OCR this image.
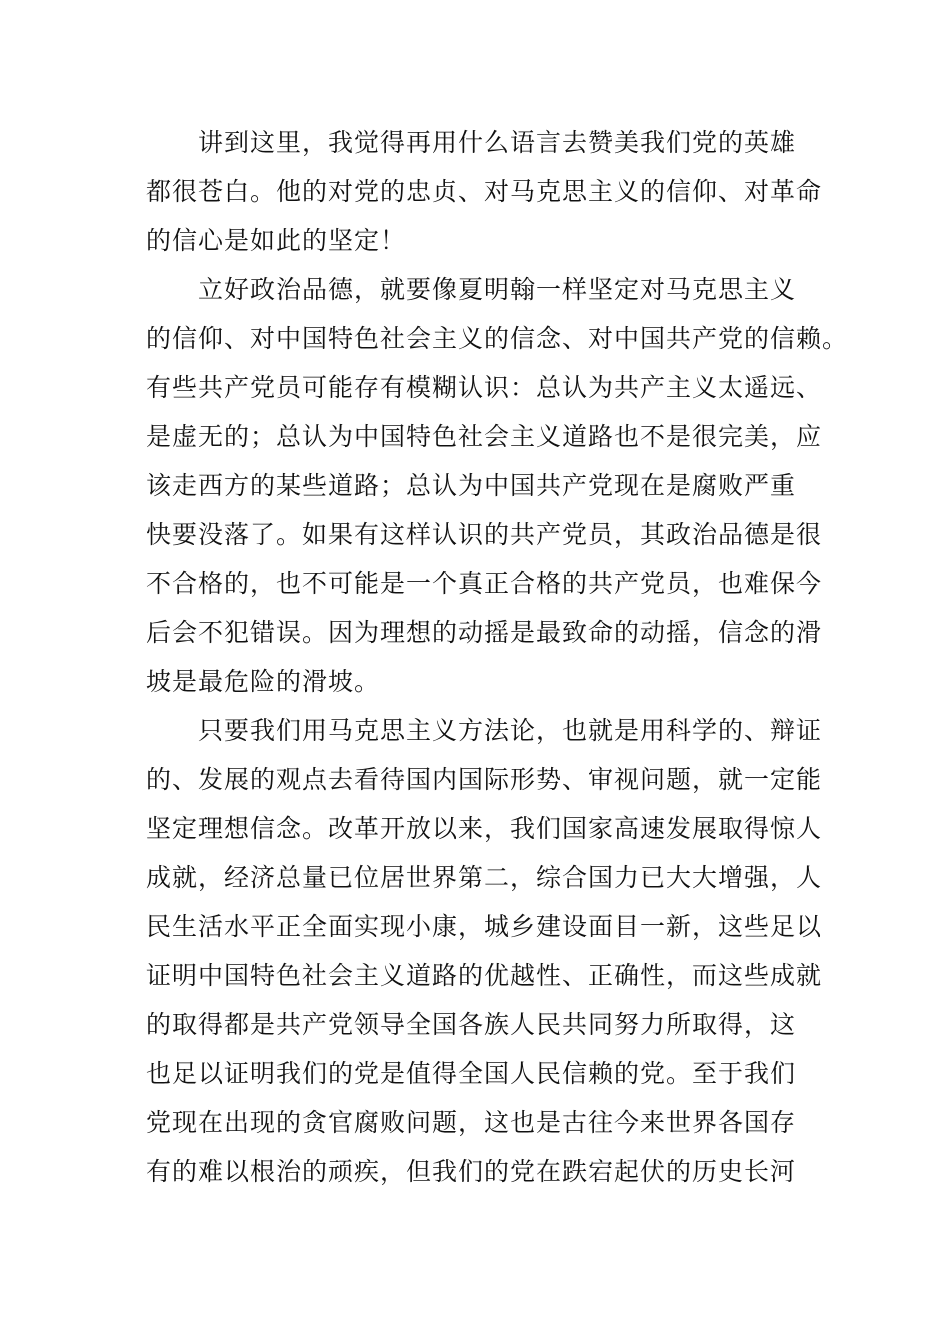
讲到这里，我觉得再用什么语言去赞美我们党的英雄
都很苍白。他的对党的忠贞、对马克思主义的信仰、对革命
的信心是如此的坚定！
立好政治品德，就要像夏明翰一样坚定对马克思主义
的信仰、对中国特色社会主义的信念、对中国共产党的信赖。
有些共产党员可能存有模糊认识：总认为共产主义太遥远、
是虚无的；总认为中国特色社会主义道路也不是很完美，应
该走西方的某些道路；总认为中国共产党现在是腐败严重
快要没落了。如果有这样认识的共产党员，其政治品德是很
不合格的，也不可能是一个真正合格的共产党员，也难保今
后会不犯错误。因为理想的动摇是最致命的动摇，信念的滑
坡是最危险的滑坡。
只要我们用马克思主义方法论，也就是用科学的、辩证
的、发展的观点去看待国内国际形势、审视问题，就一定能
坚定理想信念。改革开放以来，我们国家高速发展取得惊人
成就，经济总量已位居世界第二，综合国力已大大增强，人
民生活水平正全面实现小康，城乡建设面目一新，这些足以
证明中国特色社会主义道路的优越性、正确性，而这些成就
的取得都是共产党领导全国各族人民共同努力所取得，这
也足以证明我们的党是值得全国人民信赖的党。至于我们
党现在出现的贪官腐败问题，这也是古往今来世界各国存
有的难以根治的顽疾，但我们的党在跌宕起伏的历史长河
